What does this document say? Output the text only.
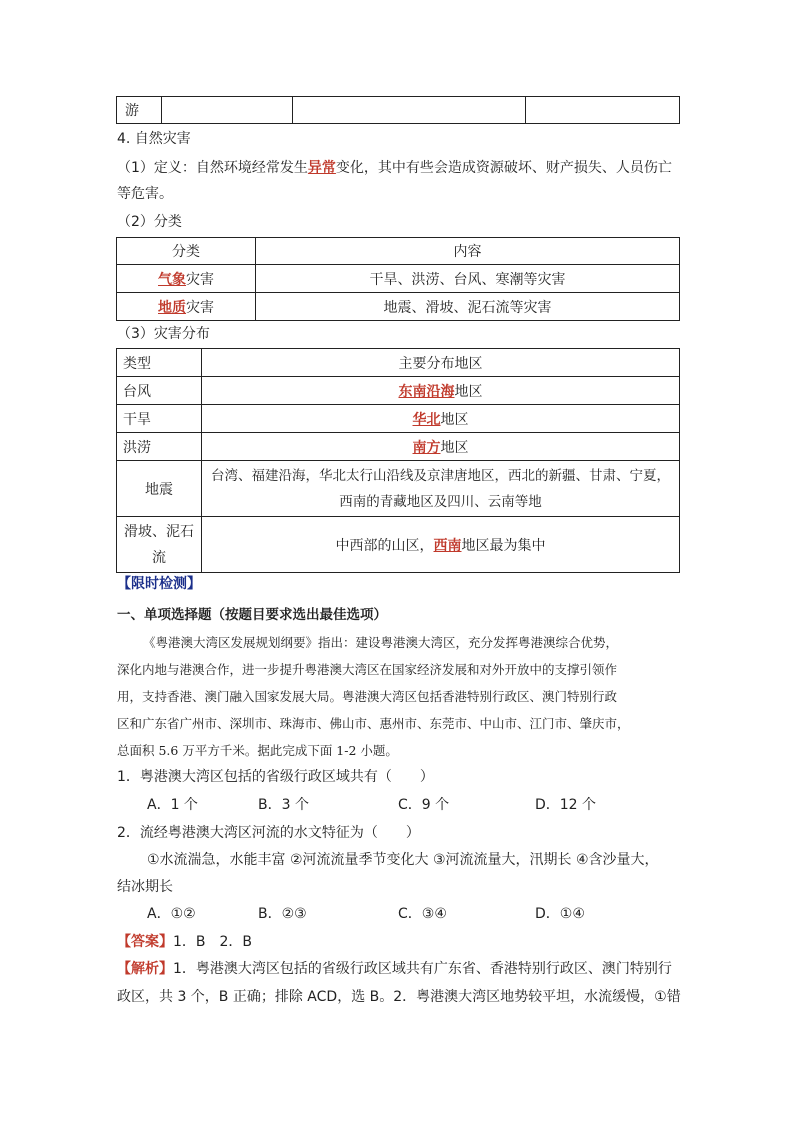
游			
4. 自然灾害
（1）定义：自然环境经常发生异常变化，其中有些会造成资源破坏、财产损失、人员伤亡
等危害。
（2）分类
分类	内容
气象灾害	干旱、洪涝、台风、寒潮等灾害
地质灾害	地震、滑坡、泥石流等灾害
（3）灾害分布
类型	主要分布地区
台风	东南沿海地区
干旱	华北地区
洪涝	南方地区
地震	台湾、福建沿海，华北太行山沿线及京津唐地区，西北的新疆、甘肃、宁夏，
西南的青藏地区及四川、云南等地

滑坡、泥石
流	中西部的山区，西南地区最为集中
【限时检测】
一、单项选择题（按题目要求选出最佳选项）
《粤港澳大湾区发展规划纲要》指出：建设粤港澳大湾区，充分发挥粤港澳综合优势，
深化内地与港澳合作，进一步提升粤港澳大湾区在国家经济发展和对外开放中的支撑引领作
用，支持香港、澳门融入国家发展大局。粤港澳大湾区包括香港特别行政区、澳门特别行政
区和广东省广州市、深圳市、珠海市、佛山市、惠州市、东莞市、中山市、江门市、肇庆市，
总面积 5.6 万平方千米。据此完成下面 1-2 小题。
1．粤港澳大湾区包括的省级行政区域共有（　　）
A．1 个	B．3 个	C．9 个	D．12 个
2．流经粤港澳大湾区河流的水文特征为（　　）
①水流湍急，水能丰富 ②河流流量季节变化大 ③河流流量大，汛期长 ④含沙量大，
结冰期长
A．①②	B．②③	C．③④	D．①④
【答案】1．B　2．B
【解析】1．粤港澳大湾区包括的省级行政区域共有广东省、香港特别行政区、澳门特别行
政区，共 3 个，B 正确；排除 ACD，选 B。2．粤港澳大湾区地势较平坦，水流缓慢，①错
